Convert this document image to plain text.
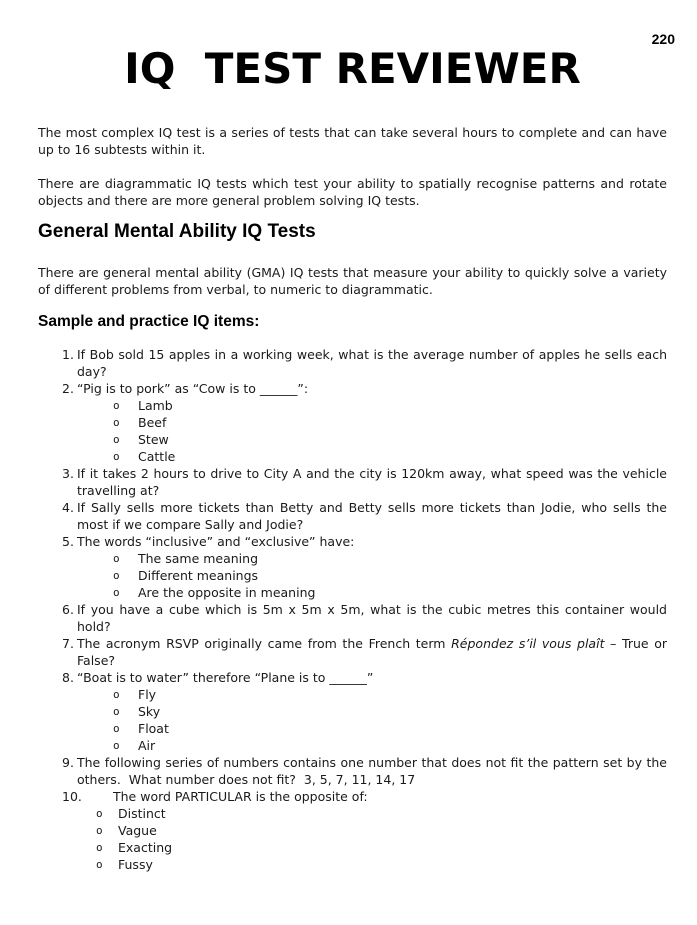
220
IQ  TEST REVIEWER
The most complex IQ test is a series of tests that can take several hours to complete and can have up to 16 subtests within it.
There are diagrammatic IQ tests which test your ability to spatially recognise patterns and rotate objects and there are more general problem solving IQ tests.
General Mental Ability IQ Tests
There are general mental ability (GMA) IQ tests that measure your ability to quickly solve a variety of different problems from verbal, to numeric to diagrammatic.
Sample and practice IQ items:
1. If Bob sold 15 apples in a working week, what is the average number of apples he sells each day?
2. “Pig is to pork” as “Cow is to ______”:
o Lamb
o Beef
o Stew
o Cattle
3. If it takes 2 hours to drive to City A and the city is 120km away, what speed was the vehicle travelling at?
4. If Sally sells more tickets than Betty and Betty sells more tickets than Jodie, who sells the most if we compare Sally and Jodie?
5. The words “inclusive” and “exclusive” have:
o The same meaning
o Different meanings
o Are the opposite in meaning
6. If you have a cube which is 5m x 5m x 5m, what is the cubic metres this container would hold?
7. The acronym RSVP originally came from the French term Répondez s’il vous plaît – True or False?
8. “Boat is to water” therefore “Plane is to ______”
o Fly
o Sky
o Float
o Air
9. The following series of numbers contains one number that does not fit the pattern set by the others.  What number does not fit?  3, 5, 7, 11, 14, 17
10. The word PARTICULAR is the opposite of:
o Distinct
o Vague
o Exacting
o Fussy
